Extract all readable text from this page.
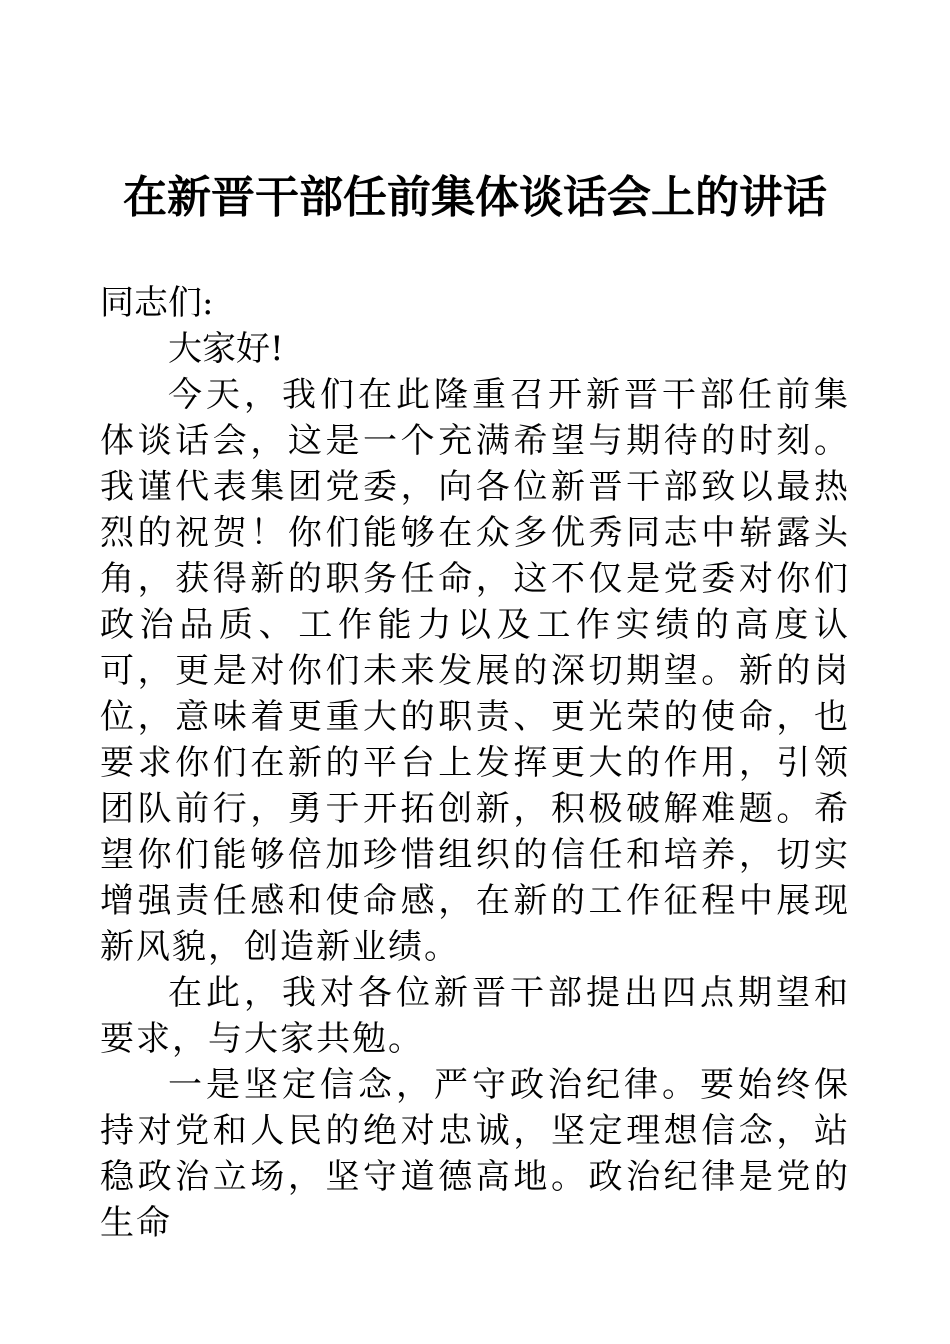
在新晋干部任前集体谈话会上的讲话

同志们:

大家好!

今天，我们在此隆重召开新晋干部任前集体谈话会，这是一个充满希望与期待的时刻。我谨代表集团党委，向各位新晋干部致以最热烈的祝贺！你们能够在众多优秀同志中崭露头角，获得新的职务任命，这不仅是党委对你们政治品质、工作能力以及工作实绩的高度认可，更是对你们未来发展的深切期望。新的岗位，意味着更重大的职责、更光荣的使命，也要求你们在新的平台上发挥更大的作用，引领团队前行，勇于开拓创新，积极破解难题。希望你们能够倍加珍惜组织的信任和培养，切实增强责任感和使命感，在新的工作征程中展现新风貌，创造新业绩。

在此，我对各位新晋干部提出四点期望和要求，与大家共勉。

一是坚定信念，严守政治纪律。要始终保持对党和人民的绝对忠诚，坚定理想信念，站稳政治立场，坚守道德高地。政治纪律是党的生命
